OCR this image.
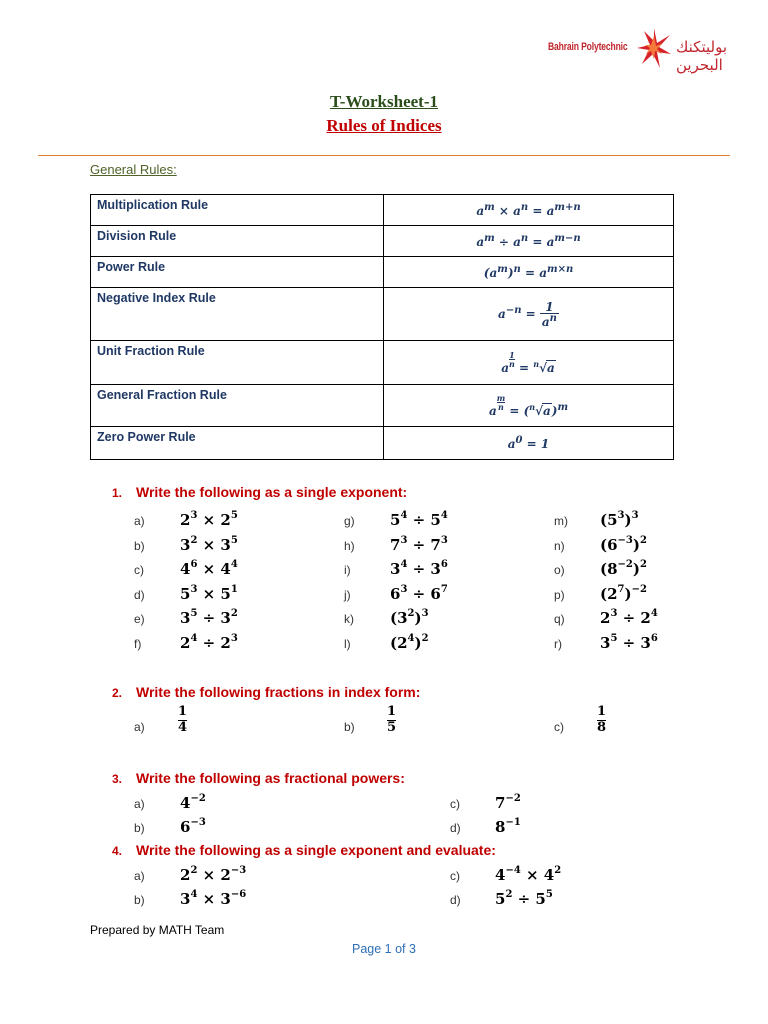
Bahrain Polytechnic	بوليتكنك البحرين
T-Worksheet-1
Rules of Indices
General Rules:
Multiplication Rule	$a^m \times a^n = a^{m+n}$
Division Rule	$a^m \div a^n = a^{m-n}$
Power Rule	$(a^m)^n = a^{m\times n}$
Negative Index Rule	$a^{-n} = \frac{1}{a^n}$

Unit Fraction Rule	a $\frac{1}{n} = ^n√a$
General Fraction Rule	a $\frac{m}{n} = (^n√a)^m$
Zero Power Rule	$a^0 = 1$
1. Write the following as a single exponent:
a) $2^3 \times 2^5$
b) $3^2 \times 3^5$
c) $4^6 \times 4^4$
d) $5^3 \times 5^1$
e) $3^5 \div 3^2$
f)	$2^4 \div 2^3$
g) $5^4 \div 5^4$
h) $7^3 \div 7^3$
i)	$3^4 \div 3^6$
j)	$6^3 \div 6^7$
k) $(3^2)^3$
l)	$(2^4)^2$
m) $(5^3)^3$
n) $(6^{-3})^2$
o) $(8^{-2})^2$
p) $(2^7)^{-2}$
q) $2^3 \div 2^4$
r)	$3^5 \div 3^6$
2. Write the following fractions in index form:
a)	$\frac{1}{4}$	$b) \frac{1}{5}$	c)	$\frac{1}{8}$
3. Write the following as fractional powers:
a) $4^{-2}$
b) $6^{-3}$
c) $7^{-2}$
d) $8^{-1}$
4. Write the following as a single exponent and evaluate:
a) $2^2 \times 2^{-3}$
b) $3^4 \times 3^{-6}$
c) $4^{-4} \times 4^2$
d) $5^2 \div 5^5$
Prepared by MATH Team
Page 1 of 3
